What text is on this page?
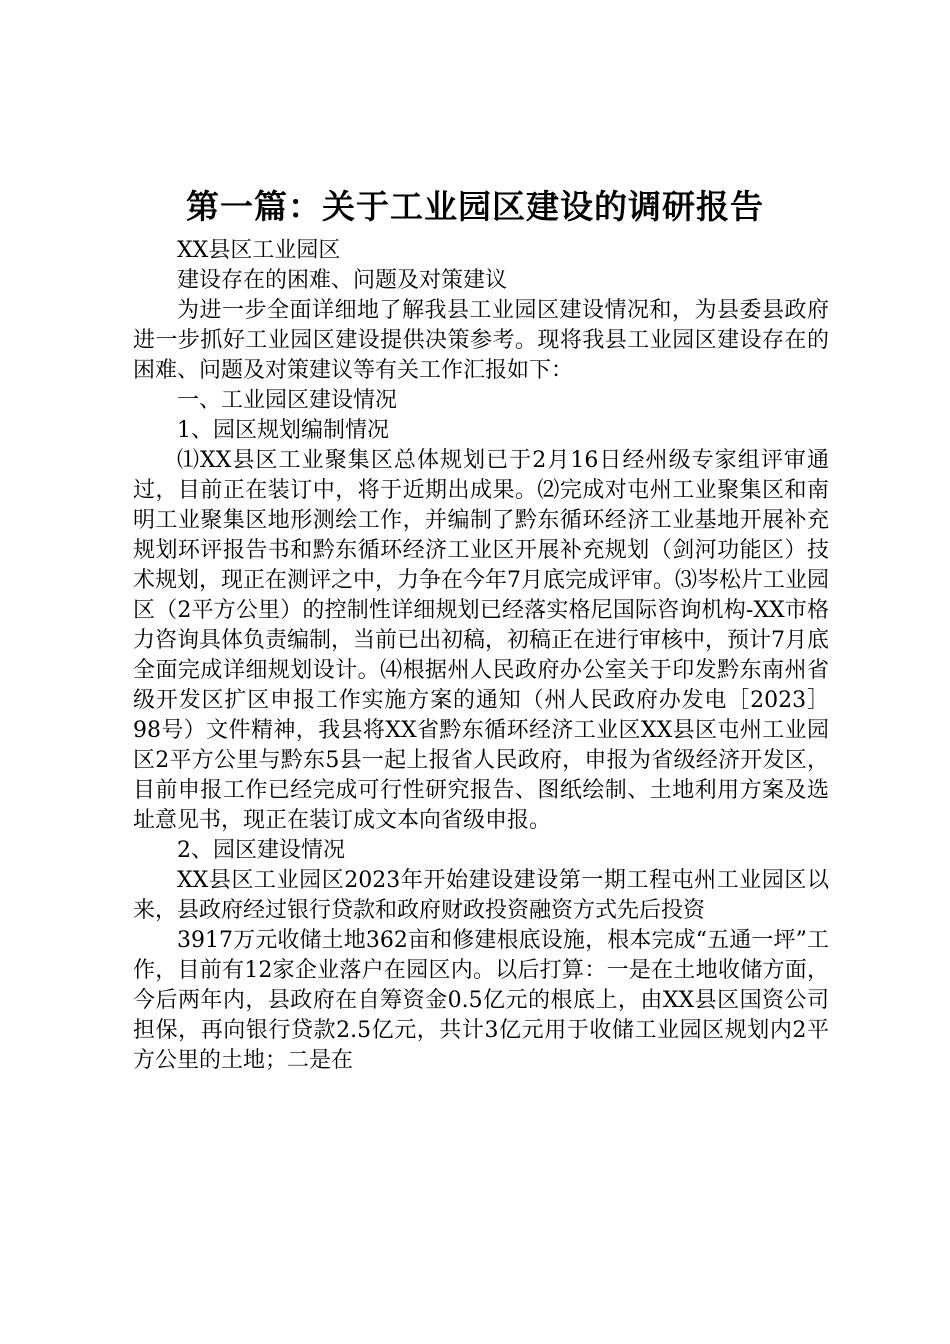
第一篇：关于工业园区建设的调研报告

XX县区工业园区

建设存在的困难、问题及对策建议

为进一步全面详细地了解我县工业园区建设情况和，为县委县政府进一步抓好工业园区建设提供决策参考。现将我县工业园区建设存在的困难、问题及对策建议等有关工作汇报如下：

一、工业园区建设情况

1、园区规划编制情况

⑴XX县区工业聚集区总体规划已于2月16日经州级专家组评审通过，目前正在装订中，将于近期出成果。⑵完成对屯州工业聚集区和南明工业聚集区地形测绘工作，并编制了黔东循环经济工业基地开展补充规划环评报告书和黔东循环经济工业区开展补充规划（剑河功能区）技术规划，现正在测评之中，力争在今年7月底完成评审。⑶岑松片工业园区（2平方公里）的控制性详细规划已经落实格尼国际咨询机构-XX市格力咨询具体负责编制，当前已出初稿，初稿正在进行审核中，预计7月底全面完成详细规划设计。⑷根据州人民政府办公室关于印发黔东南州省级开发区扩区申报工作实施方案的通知（州人民政府办发电［2023］98号）文件精神，我县将XX省黔东循环经济工业区XX县区屯州工业园区2平方公里与黔东5县一起上报省人民政府，申报为省级经济开发区，目前申报工作已经完成可行性研究报告、图纸绘制、土地利用方案及选址意见书，现正在装订成文本向省级申报。

2、园区建设情况

XX县区工业园区2023年开始建设建设第一期工程屯州工业园区以来，县政府经过银行贷款和政府财政投资融资方式先后投资

3917万元收储土地362亩和修建根底设施，根本完成“五通一坪”工作，目前有12家企业落户在园区内。以后打算：一是在土地收储方面，今后两年内，县政府在自筹资金0.5亿元的根底上，由XX县区国资公司担保，再向银行贷款2.5亿元，共计3亿元用于收储工业园区规划内2平方公里的土地；二是在
